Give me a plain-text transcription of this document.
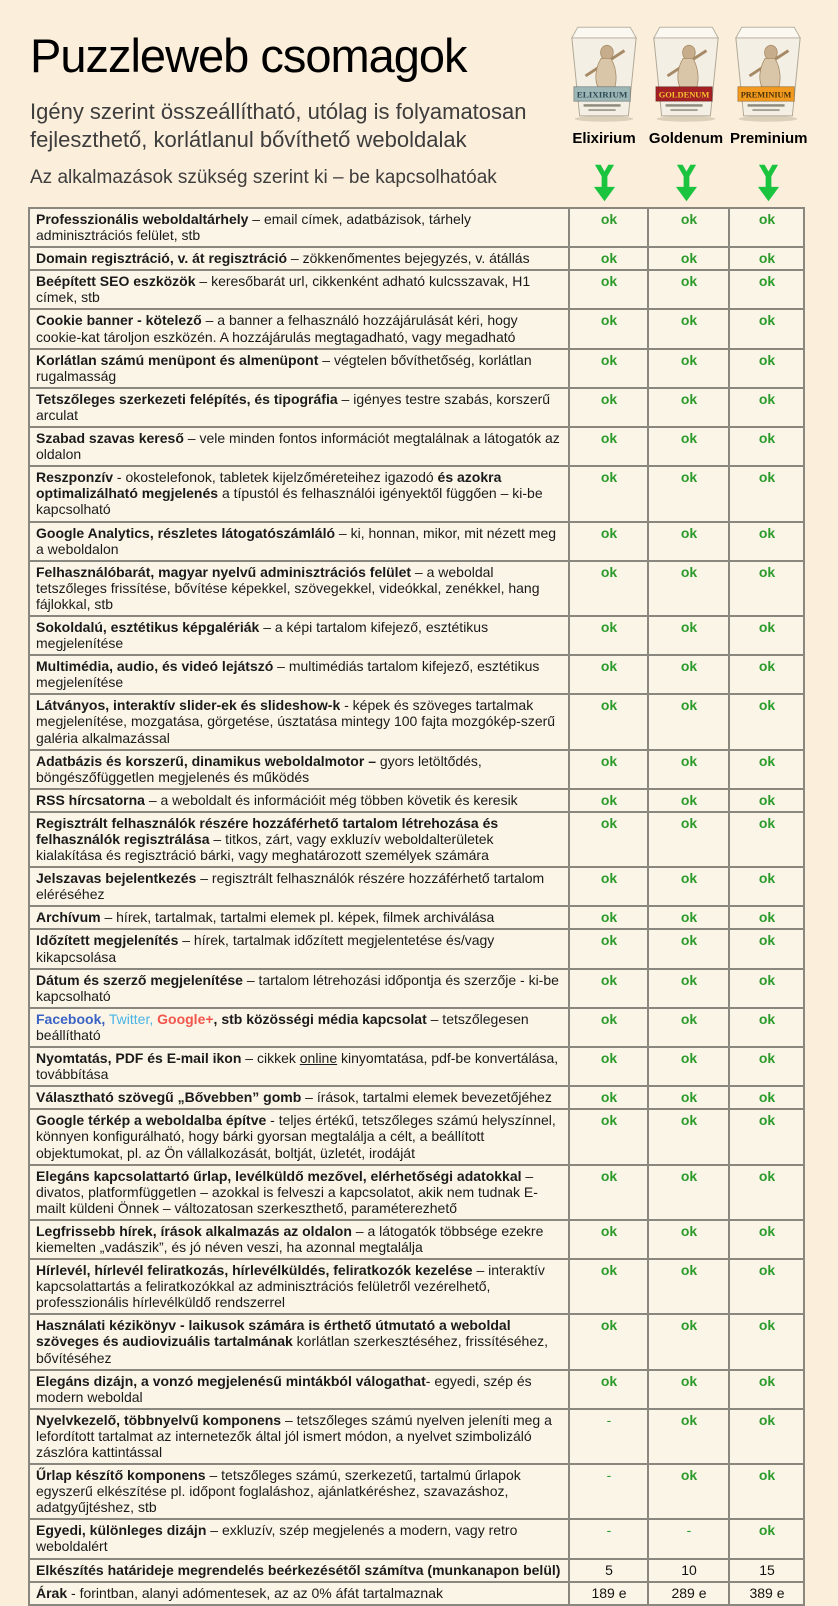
Puzzleweb csomagok

Igény szerint összeállítható, utólag is folyamatosan fejleszthető, korlátlanul bővíthető weboldalak

Az alkalmazások szükség szerint ki – be kapcsolhatóak

ELIXIRIUM
Elixirium
GOLDENUM
Goldenum
PREMINIUM
Preminium
Professzionális weboldaltárhely – email címek, adatbázisok, tárhely adminisztrációs felület, stb	ok	ok	ok
Domain regisztráció, v. át regisztráció – zökkenőmentes bejegyzés, v. átállás	ok	ok	ok
Beépített SEO eszközök – keresőbarát url, cikkenként adható kulcsszavak, H1 címek, stb	ok	ok	ok
Cookie banner - kötelező – a banner a felhasználó hozzájárulását kéri, hogy cookie-kat tároljon eszközén. A hozzájárulás megtagadható, vagy megadható	ok	ok	ok
Korlátlan számú menüpont és almenüpont – végtelen bővíthetőség, korlátlan rugalmasság	ok	ok	ok
Tetszőleges szerkezeti felépítés, és tipográfia – igényes testre szabás, korszerű arculat	ok	ok	ok
Szabad szavas kereső – vele minden fontos információt megtalálnak a látogatók az oldalon	ok	ok	ok
Reszponzív - okostelefonok, tabletek kijelzőméreteihez igazodó és azokra optimalizálható megjelenés a típustól és felhasználói igényektől függően – ki-be kapcsolható	ok	ok	ok
Google Analytics, részletes látogatószámláló – ki, honnan, mikor, mit nézett meg a weboldalon	ok	ok	ok
Felhasználóbarát, magyar nyelvű adminisztrációs felület – a weboldal tetszőleges frissítése, bővítése képekkel, szövegekkel, videókkal, zenékkel, hang fájlokkal, stb	ok	ok	ok
Sokoldalú, esztétikus képgalériák – a képi tartalom kifejező, esztétikus megjelenítése	ok	ok	ok
Multimédia, audio, és videó lejátszó – multimédiás tartalom kifejező, esztétikus megjelenítése	ok	ok	ok
Látványos, interaktív slider-ek és slideshow-k - képek és szöveges tartalmak megjelenítése, mozgatása, görgetése, úsztatása mintegy 100 fajta mozgókép-szerű galéria alkalmazással	ok	ok	ok
Adatbázis és korszerű, dinamikus weboldalmotor – gyors letöltődés, böngészőfüggetlen megjelenés és működés	ok	ok	ok
RSS hírcsatorna – a weboldalt és információit még többen követik és keresik	ok	ok	ok
Regisztrált felhasználók részére hozzáférhető tartalom létrehozása és felhasználók regisztrálása – titkos, zárt, vagy exkluzív weboldalterületek kialakítása és regisztráció bárki, vagy meghatározott személyek számára	ok	ok	ok
Jelszavas bejelentkezés – regisztrált felhasználók részére hozzáférhető tartalom eléréséhez	ok	ok	ok
Archívum – hírek, tartalmak, tartalmi elemek pl. képek, filmek archiválása	ok	ok	ok
Időzített megjelenítés – hírek, tartalmak időzített megjelentetése és/vagy kikapcsolása	ok	ok	ok
Dátum és szerző megjelenítése – tartalom létrehozási időpontja és szerzője - ki-be kapcsolható	ok	ok	ok
Facebook, Twitter, Google+, stb közösségi média kapcsolat – tetszőlegesen beállítható	ok	ok	ok
Nyomtatás, PDF és E-mail ikon – cikkek online kinyomtatása, pdf-be konvertálása, továbbítása	ok	ok	ok
Választható szövegű „Bővebben” gomb – írások, tartalmi elemek bevezetőjéhez	ok	ok	ok
Google térkép a weboldalba építve - teljes értékű, tetszőleges számú helyszínnel, könnyen konfigurálható, hogy bárki gyorsan megtalálja a célt, a beállított objektumokat, pl. az Ön vállalkozását, boltját, üzletét, irodáját	ok	ok	ok
Elegáns kapcsolattartó űrlap, levélküldő mezővel, elérhetőségi adatokkal – divatos, platformfüggetlen – azokkal is felveszi a kapcsolatot, akik nem tudnak E-mailt küldeni Önnek – változatosan szerkeszthető, paraméterezhető	ok	ok	ok
Legfrissebb hírek, írások alkalmazás az oldalon – a látogatók többsége ezekre kiemelten „vadászik”, és jó néven veszi, ha azonnal megtalálja	ok	ok	ok
Hírlevél, hírlevél feliratkozás, hírlevélküldés, feliratkozók kezelése – interaktív kapcsolattartás a feliratkozókkal az adminisztrációs felületről vezérelhető, professzionális hírlevélküldő rendszerrel	ok	ok	ok
Használati kézikönyv - laikusok számára is érthető útmutató a weboldal szöveges és audiovizuális tartalmának korlátlan szerkesztéséhez, frissítéséhez, bővítéséhez	ok	ok	ok
Elegáns dizájn, a vonzó megjelenésű mintákból válogathat- egyedi, szép és modern weboldal	ok	ok	ok
Nyelvkezelő, többnyelvű komponens – tetszőleges számú nyelven jeleníti meg a lefordított tartalmat az internetezők által jól ismert módon, a nyelvet szimbolizáló zászlóra kattintással	-	ok	ok
Űrlap készítő komponens – tetszőleges számú, szerkezetű, tartalmú űrlapok egyszerű elkészítése pl. időpont foglaláshoz, ajánlatkéréshez, szavazáshoz, adatgyűjtéshez, stb	-	ok	ok
Egyedi, különleges dizájn – exkluzív, szép megjelenés a modern, vagy retro weboldalért	-	-	ok
Elkészítés határideje megrendelés beérkezésétől számítva (munkanapon belül)	5	10	15
Árak - forintban, alanyi adómentesek, az az 0% áfát tartalmaznak	189 e	289 e	389 e
